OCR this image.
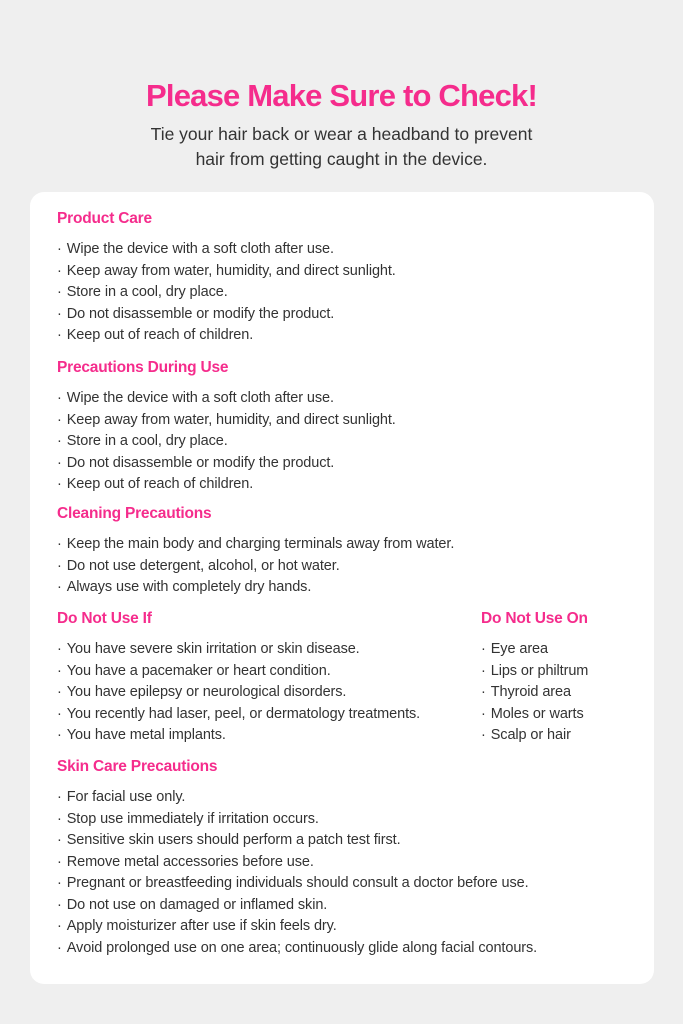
Please Make Sure to Check!

Tie your hair back or wear a headband to prevent
hair from getting caught in the device.

Product Care
· Wipe the device with a soft cloth after use.
· Keep away from water, humidity, and direct sunlight.
· Store in a cool, dry place.
· Do not disassemble or modify the product.
· Keep out of reach of children.
Precautions During Use
· Wipe the device with a soft cloth after use.
· Keep away from water, humidity, and direct sunlight.
· Store in a cool, dry place.
· Do not disassemble or modify the product.
· Keep out of reach of children.
Cleaning Precautions
· Keep the main body and charging terminals away from water.
· Do not use detergent, alcohol, or hot water.
· Always use with completely dry hands.
Do Not Use If
· You have severe skin irritation or skin disease.
· You have a pacemaker or heart condition.
· You have epilepsy or neurological disorders.
· You recently had laser, peel, or dermatology treatments.
· You have metal implants.
Do Not Use On
· Eye area
· Lips or philtrum
· Thyroid area
· Moles or warts
· Scalp or hair
Skin Care Precautions
· For facial use only.
· Stop use immediately if irritation occurs.
· Sensitive skin users should perform a patch test first.
· Remove metal accessories before use.
· Pregnant or breastfeeding individuals should consult a doctor before use.
· Do not use on damaged or inflamed skin.
· Apply moisturizer after use if skin feels dry.
· Avoid prolonged use on one area; continuously glide along facial contours.
